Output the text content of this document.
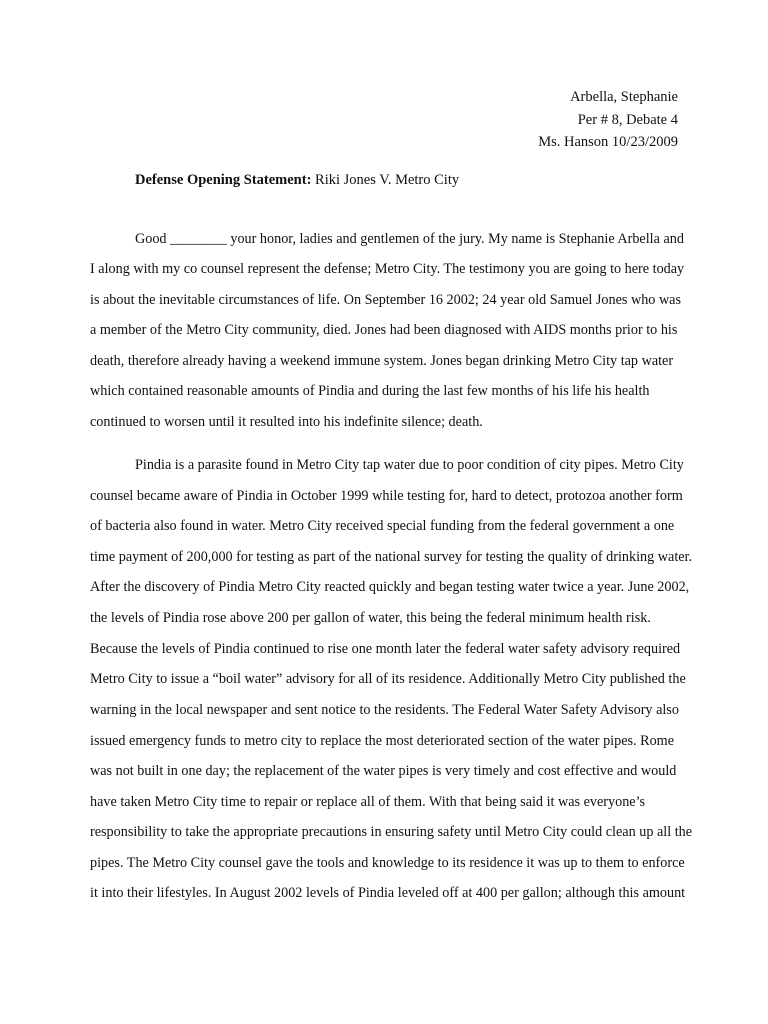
Arbella, Stephanie
Per # 8, Debate 4
Ms. Hanson 10/23/2009
Defense Opening Statement: Riki Jones V. Metro City
Good ________ your honor, ladies and gentlemen of the jury. My name is Stephanie Arbella and
I along with my co counsel represent the defense; Metro City. The testimony you are going to here today
is about the inevitable circumstances of life. On September 16 2002; 24 year old Samuel Jones who was
a member of the Metro City community, died. Jones had been diagnosed with AIDS months prior to his
death, therefore already having a weekend immune system. Jones began drinking Metro City tap water
which contained reasonable amounts of Pindia and during the last few months of his life his health
continued to worsen until it resulted into his indefinite silence; death.
Pindia is a parasite found in Metro City tap water due to poor condition of city pipes. Metro City
counsel became aware of Pindia in October 1999 while testing for, hard to detect, protozoa another form
of bacteria also found in water. Metro City received special funding from the federal government a one
time payment of 200,000 for testing as part of the national survey for testing the quality of drinking water.
After the discovery of Pindia Metro City reacted quickly and began testing water twice a year. June 2002,
the levels of Pindia rose above 200 per gallon of water, this being the federal minimum health risk.
Because the levels of Pindia continued to rise one month later the federal water safety advisory required
Metro City to issue a “boil water” advisory for all of its residence. Additionally Metro City published the
warning in the local newspaper and sent notice to the residents. The Federal Water Safety Advisory also
issued emergency funds to metro city to replace the most deteriorated section of the water pipes. Rome
was not built in one day; the replacement of the water pipes is very timely and cost effective and would
have taken Metro City time to repair or replace all of them. With that being said it was everyone’s
responsibility to take the appropriate precautions in ensuring safety until Metro City could clean up all the
pipes. The Metro City counsel gave the tools and knowledge to its residence it was up to them to enforce
it into their lifestyles. In August 2002 levels of Pindia leveled off at 400 per gallon; although this amount
